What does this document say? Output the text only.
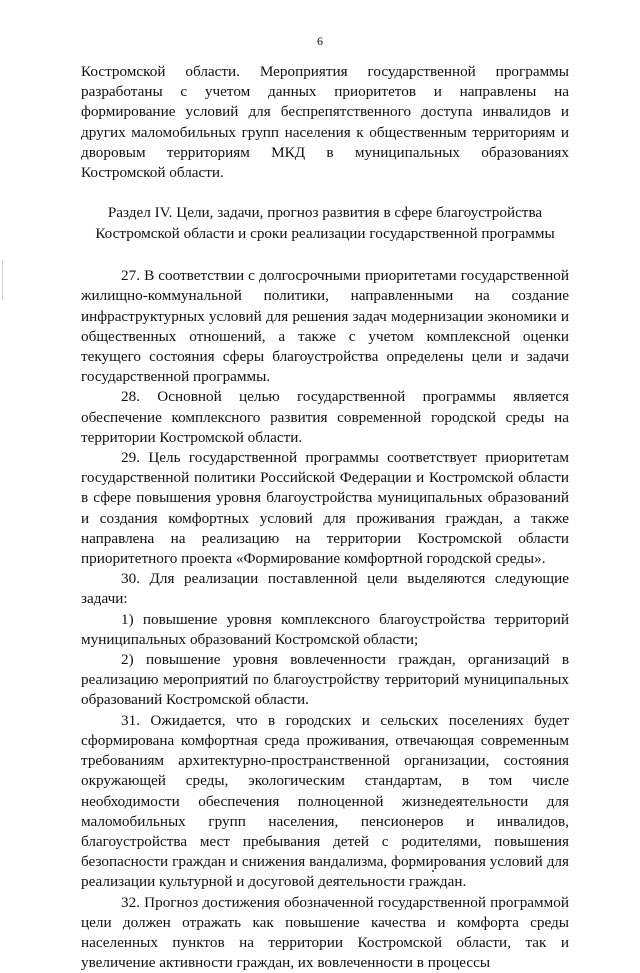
6

Костромской области. Мероприятия государственной программы разработаны с учетом данных приоритетов и направлены на формирование условий для беспрепятственного доступа инвалидов и других маломобильных групп населения к общественным территориям и дворовым территориям МКД в муниципальных образованиях Костромской области.

Раздел IV. Цели, задачи, прогноз развития в сфере благоустройства
Костромской области и сроки реализации государственной программы

27. В соответствии с долгосрочными приоритетами государственной жилищно-коммунальной политики, направленными на создание инфраструктурных условий для решения задач модернизации экономики и общественных отношений, а также с учетом комплексной оценки текущего состояния сферы благоустройства определены цели и задачи государственной программы.

28. Основной целью государственной программы является обеспечение комплексного развития современной городской среды на территории Костромской области.

29. Цель государственной программы соответствует приоритетам государственной политики Российской Федерации и Костромской области в сфере повышения уровня благоустройства муниципальных образований и создания комфортных условий для проживания граждан, а также направлена на реализацию на территории Костромской области приоритетного проекта «Формирование комфортной городской среды».

30. Для реализации поставленной цели выделяются следующие задачи:

1) повышение уровня комплексного благоустройства территорий муниципальных образований Костромской области;

2) повышение уровня вовлеченности граждан, организаций в реализацию мероприятий по благоустройству территорий муниципальных образований Костромской области.

31. Ожидается, что в городских и сельских поселениях будет сформирована комфортная среда проживания, отвечающая современным требованиям архитектурно-пространственной организации, состояния окружающей среды, экологическим стандартам, в том числе необходимости обеспечения полноценной жизнедеятельности для маломобильных групп населения, пенсионеров и инвалидов, благоустройства мест пребывания детей с родителями, повышения безопасности граждан и снижения вандализма, формирования условий для реализации культурной и досуговой деятельности граждан.

32. Прогноз достижения обозначенной государственной программой цели должен отражать как повышение качества и комфорта среды населенных пунктов на территории Костромской области, так и увеличение активности граждан, их вовлеченности в процессы
